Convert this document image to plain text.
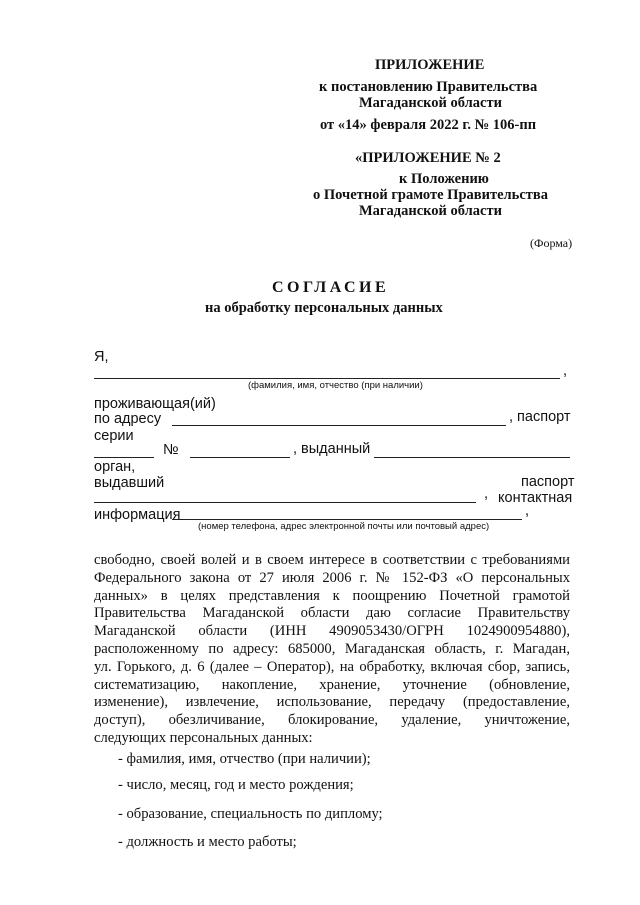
ПРИЛОЖЕНИЕ
к постановлению Правительства
Магаданской области
от «14» февраля 2022 г. № 106-пп
«ПРИЛОЖЕНИЕ № 2
к Положению
о Почетной грамоте Правительства
Магаданской области
(Форма)
СОГЛАСИЕ
на обработку персональных данных
Я,
,
(фамилия, имя, отчество (при наличии)
проживающая(ий)
по адресу	, паспорт
серии
№	, выданный
орган,
выдавший	паспорт
, контактная
информация	,
(номер телефона, адрес электронной почты или почтовый адрес)
свободно, своей волей и в своем интересе в соответствии с требованиями
Федерального закона от 27 июля 2006 г. № 152-ФЗ «О персональных
данных» в целях представления к поощрению Почетной грамотой
Правительства Магаданской области даю согласие Правительству
Магаданской области (ИНН 4909053430/ОГРН 1024900954880),
расположенному по адресу: 685000, Магаданская область, г. Магадан,
ул. Горького, д. 6 (далее – Оператор), на обработку, включая сбор, запись,
систематизацию, накопление, хранение, уточнение (обновление,
изменение), извлечение, использование, передачу (предоставление,
доступ), обезличивание, блокирование, удаление, уничтожение,
следующих персональных данных:
- фамилия, имя, отчество (при наличии);
- число, месяц, год и место рождения;
- образование, специальность по диплому;
- должность и место работы;
